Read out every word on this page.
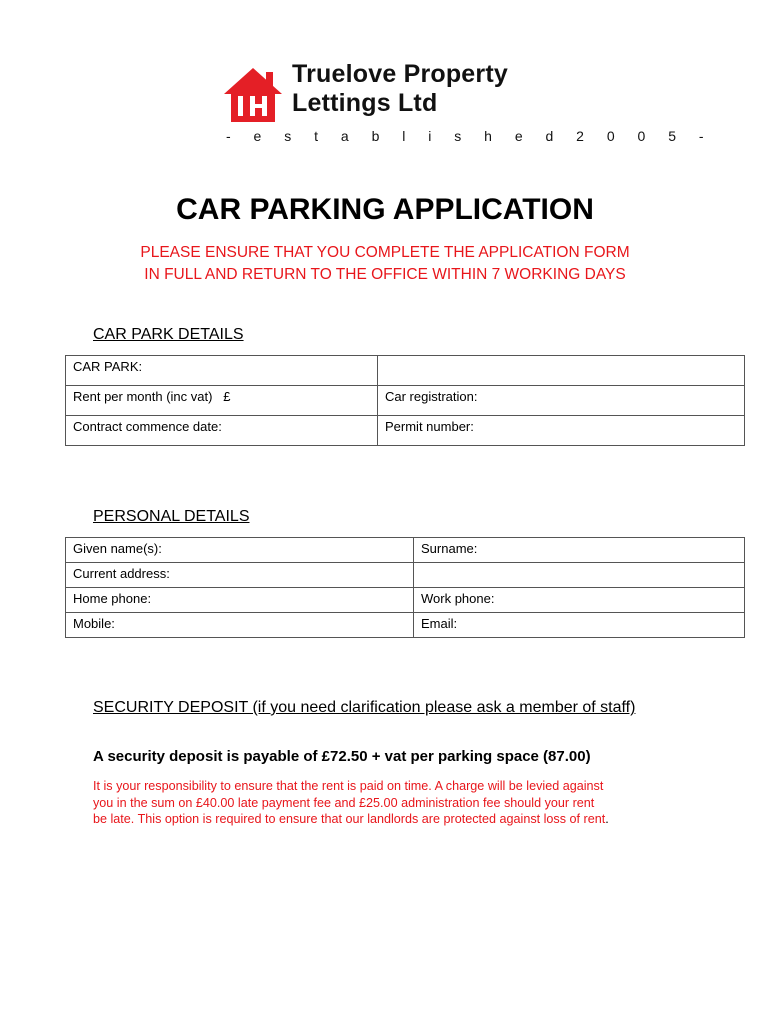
Truelove Property
Lettings Ltd
- e s t a b l i s h e d 2 0 0 5 -
CAR PARKING APPLICATION
PLEASE ENSURE THAT YOU COMPLETE THE APPLICATION FORM
IN FULL AND RETURN TO THE OFFICE WITHIN 7 WORKING DAYS
CAR PARK DETAILS
CAR PARK:	
Rent per month (inc vat)   £	Car registration:
Contract commence date:	Permit number:
PERSONAL DETAILS
Given name(s):	Surname:
Current address:	
Home phone:	Work phone:
Mobile:	Email:
SECURITY DEPOSIT (if you need clarification please ask a member of staff)
A security deposit is payable of £72.50 + vat per parking space (87.00)
It is your responsibility to ensure that the rent is paid on time. A charge will be levied against
you in the sum on £40.00 late payment fee and £25.00 administration fee should your rent
be late. This option is required to ensure that our landlords are protected against loss of rent.
